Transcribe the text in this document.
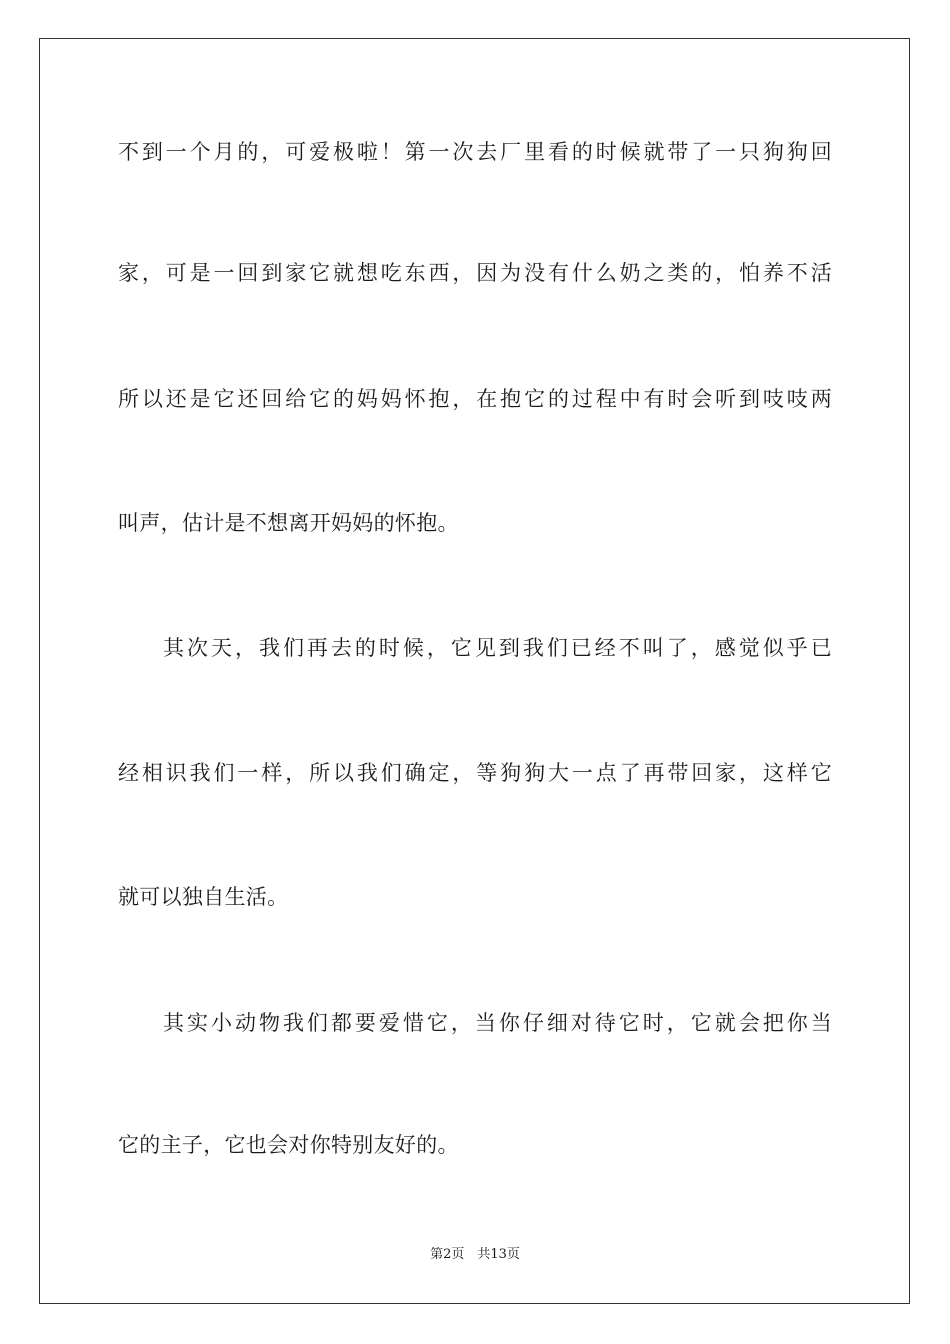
不到一个月的，可爱极啦！第一次去厂里看的时候就带了一只狗狗回
家，可是一回到家它就想吃东西，因为没有什么奶之类的，怕养不活
所以还是它还回给它的妈妈怀抱，在抱它的过程中有时会听到吱吱两
叫声，估计是不想离开妈妈的怀抱。
其次天，我们再去的时候，它见到我们已经不叫了，感觉似乎已
经相识我们一样，所以我们确定，等狗狗大一点了再带回家，这样它
就可以独自生活。
其实小动物我们都要爱惜它，当你仔细对待它时，它就会把你当
它的主子，它也会对你特别友好的。
第2页　共13页
